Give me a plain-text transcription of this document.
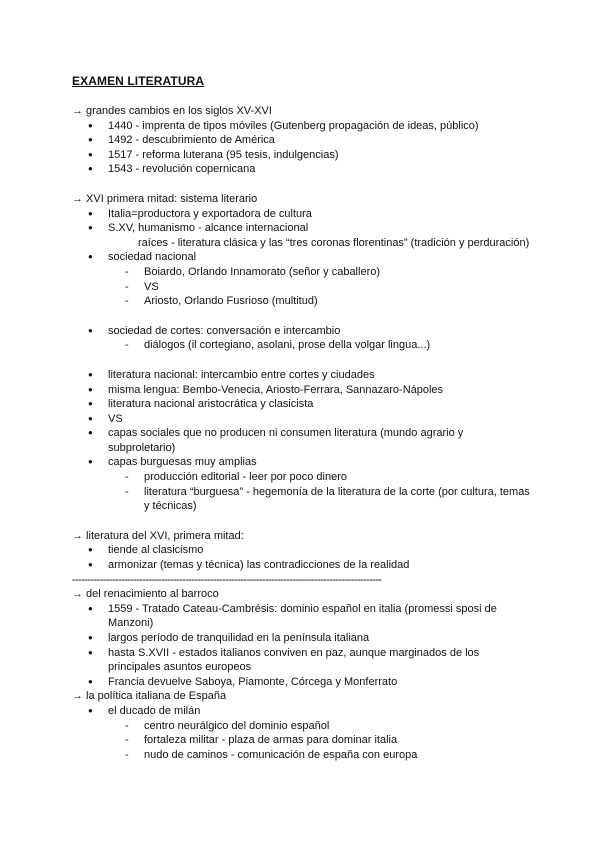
EXAMEN LITERATURA
→ grandes cambios en los siglos XV-XVI
● 1440 - imprenta de tipos móviles (Gutenberg propagación de ideas, público)
● 1492 - descubrimiento de América
● 1517 - reforma luterana (95 tesis, indulgencias)
● 1543 - revolución copernicana
→ XVI primera mitad: sistema literario
● Italia=productora y exportadora de cultura
● S.XV, humanismo - alcance internacional
raíces - literatura clásica y las “tres coronas florentinas” (tradición y perduración)
● sociedad nacional
- Boiardo, Orlando Innamorato (señor y caballero)
- VS
- Ariosto, Orlando Fusrioso (multitud)
● sociedad de cortes: conversación e intercambio
- diálogos (il cortegiano, asolani, prose della volgar lingua...)
● literatura nacional: intercambio entre cortes y ciudades
● misma lengua: Bembo-Venecia, Ariosto-Ferrara, Sannazaro-Nápoles
● literatura nacional aristocrática y clasicista
● VS
● capas sociales que no producen ni consumen literatura (mundo agrario y subproletario)
● capas burguesas muy amplias
- producción editorial - leer por poco dinero
- literatura “burguesa” - hegemonía de la literatura de la corte (por cultura, temas y técnicas)
→ literatura del XVI, primera mitad:
● tiende al clasicismo
● armonizar (temas y técnica) las contradicciones de la realidad
-----------------------------------------------------------------------------------------------------
→ del renacimiento al barroco
● 1559 - Tratado Cateau-Cambrésis: dominio español en italia (promessi sposi de Manzoni)
● largos período de tranquilidad en la península italiana
● hasta S.XVII - estados italianos conviven en paz, aunque marginados de los principales asuntos europeos
● Francia devuelve Saboya, Piamonte, Córcega y Monferrato
→ la política italiana de España
● el ducado de milán
- centro neurálgico del dominio español
- fortaleza militar - plaza de armas para dominar italia
- nudo de caminos - comunicación de españa con europa
